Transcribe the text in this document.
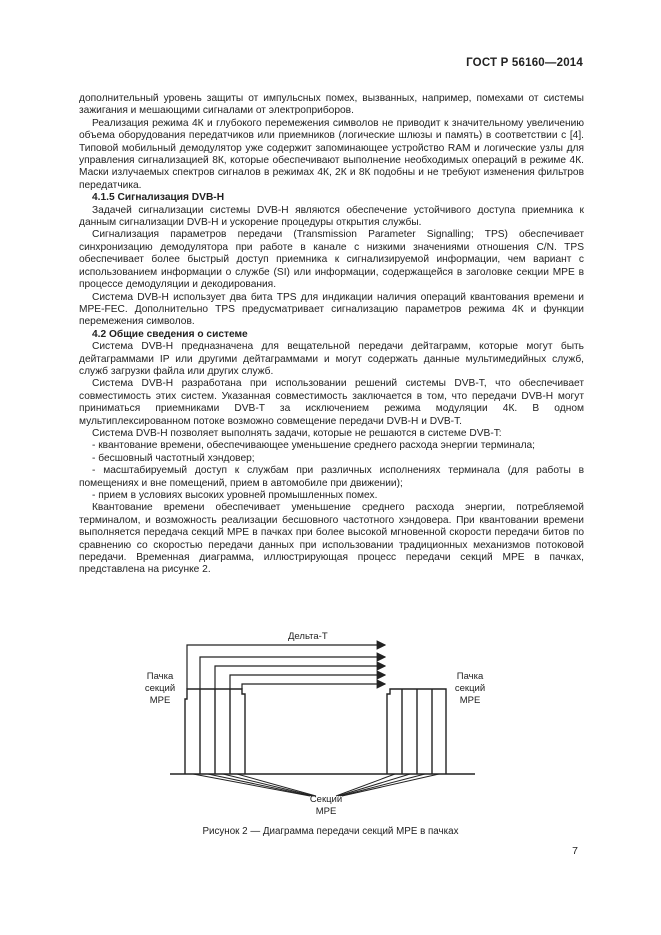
ГОСТ Р 56160—2014

дополнительный уровень защиты от импульсных помех, вызванных, например, помехами от системы зажигания и мешающими сигналами от электроприборов.

Реализация режима 4К и глубокого перемежения символов не приводит к значительному увеличению объема оборудования передатчиков или приемников (логические шлюзы и память) в соответствии с [4]. Типовой мобильный демодулятор уже содержит запоминающее устройство RAM и логические узлы для управления сигнализацией 8К, которые обеспечивают выполнение необходимых операций в режиме 4К. Маски излучаемых спектров сигналов в режимах 4К, 2К и 8К подобны и не требуют изменения фильтров передатчика.

4.1.5 Сигнализация DVB-H

Задачей сигнализации системы DVB-H являются обеспечение устойчивого доступа приемника к данным сигнализации DVB-H и ускорение процедуры открытия службы.

Сигнализация параметров передачи (Transmission Parameter Signalling; TPS) обеспечивает синхронизацию демодулятора при работе в канале с низкими значениями отношения C/N. TPS обеспечивает более быстрый доступ приемника к сигнализируемой информации, чем вариант с использованием информации о службе (SI) или информации, содержащейся в заголовке секции МРЕ в процессе демодуляции и декодирования.

Система DVB-H использует два бита TPS для индикации наличия операций квантования времени и MPE-FEC. Дополнительно TPS предусматривает сигнализацию параметров режима 4К и функции перемежения символов.

4.2 Общие сведения о системе

Система DVB-H предназначена для вещательной передачи дейтаграмм, которые могут быть дейтаграммами IP или другими дейтаграммами и могут содержать данные мультимедийных служб, служб загрузки файла или других служб.

Система DVB-H разработана при использовании решений системы DVB-T, что обеспечивает совместимость этих систем. Указанная совместимость заключается в том, что передачи DVB-H могут приниматься приемниками DVB-T за исключением режима модуляции 4К. В одном мультиплексированном потоке возможно совмещение передачи DVB-H и DVB-T.

Система DVB-H позволяет выполнять задачи, которые не решаются в системе DVB-T:

- квантование времени, обеспечивающее уменьшение среднего расхода энергии терминала;

- бесшовный частотный хэндовер;

- масштабируемый доступ к службам при различных исполнениях терминала (для работы в помещениях и вне помещений, прием в автомобиле при движении);

- прием в условиях высоких уровней промышленных помех.

Квантование времени обеспечивает уменьшение среднего расхода энергии, потребляемой терминалом, и возможность реализации бесшовного частотного хэндовера. При квантовании времени выполняется передача секций МРЕ в пачках при более высокой мгновенной скорости передачи битов по сравнению со скоростью передачи данных при использовании традиционных механизмов потоковой передачи. Временная диаграмма, иллюстрирующая процесс передачи секций МРЕ в пачках, представлена на рисунке 2.

Дельта-Т
Пачка
секций
МРЕ
Пачка
секций
МРЕ
Секции
МРЕ
Рисунок 2 — Диаграмма передачи секций МРЕ в пачках
7
